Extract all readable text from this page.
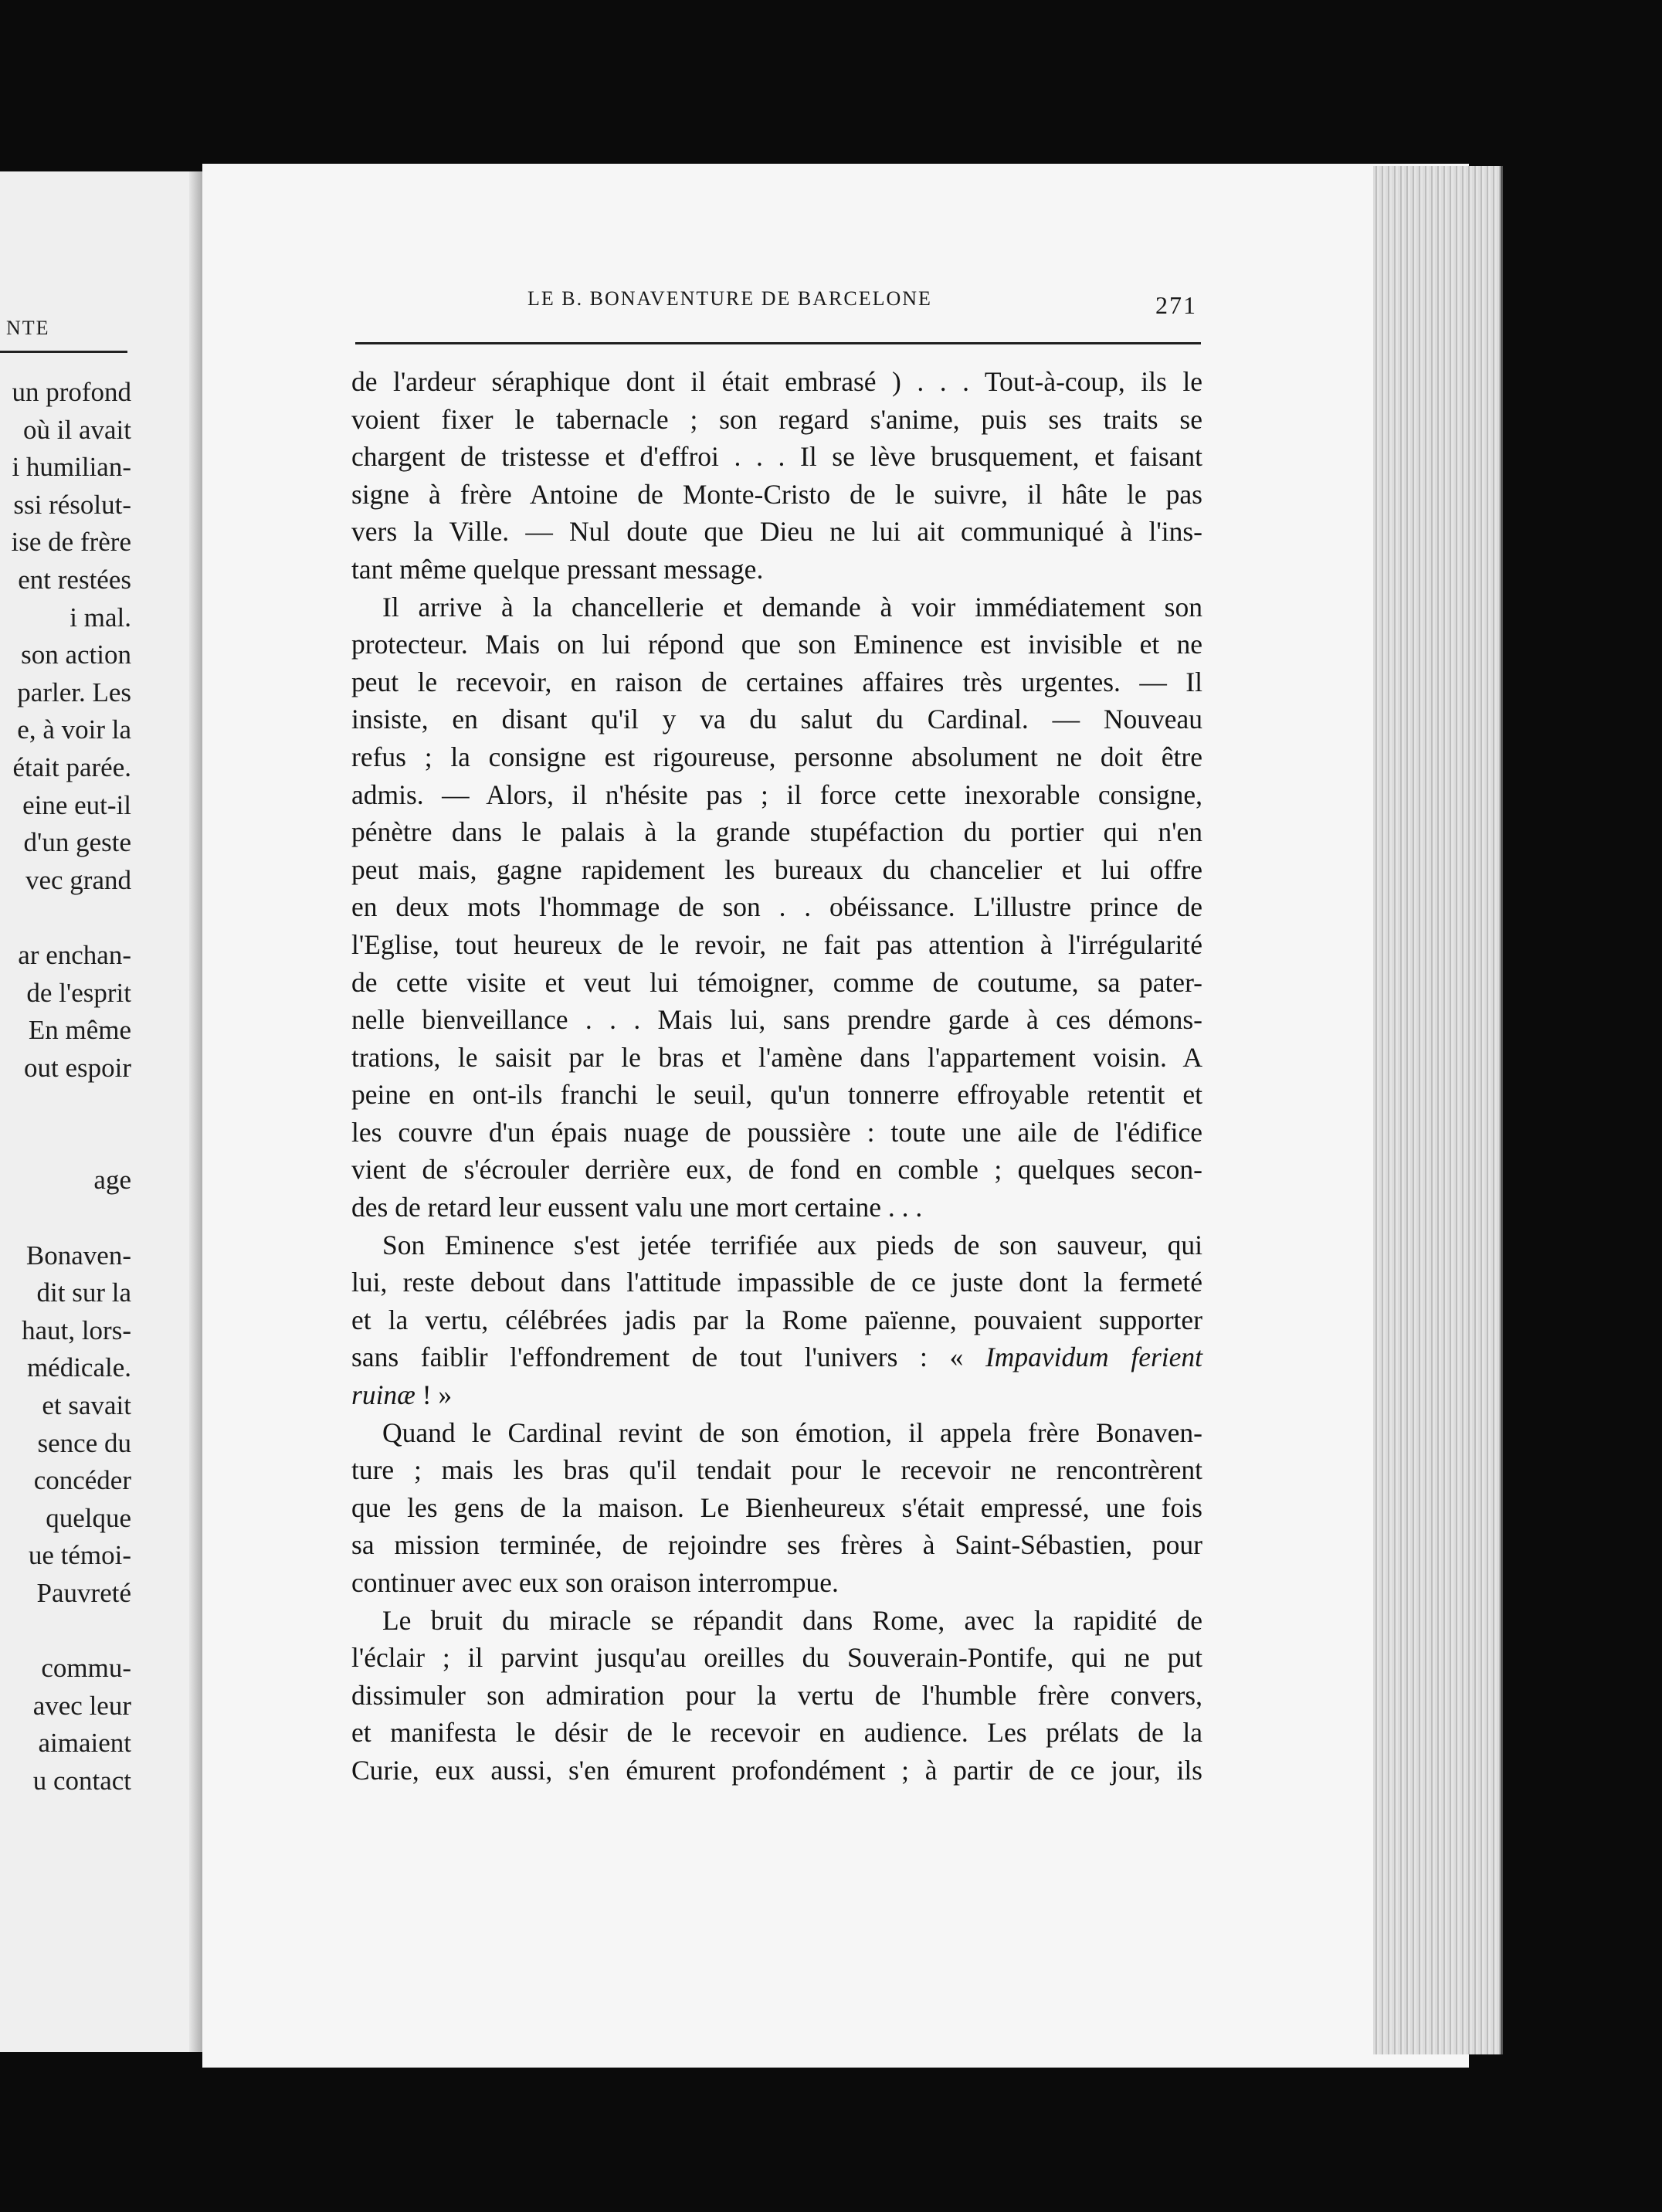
NTE
un profond
où il avait
i humilian-
ssi résolut-
ise de frère
ent restées
i mal.
son action
parler. Les
e, à voir la
était parée.
eine eut-il
d'un geste
vec grand
ar enchan-
de l'esprit
En même
out espoir
age
Bonaven-
dit sur la
haut, lors-
médicale.
et savait
sence du
concéder
quelque
ue témoi-
Pauvreté
commu-
avec leur
aimaient
u contact
LE B. BONAVENTURE DE BARCELONE	271
de l'ardeur séraphique dont il était embrasé ) . . . Tout-à-coup, ils le
voient fixer le tabernacle ; son regard s'anime, puis ses traits se
chargent de tristesse et d'effroi . . . Il se lève brusquement, et faisant
signe à frère Antoine de Monte-Cristo de le suivre, il hâte le pas
vers la Ville. — Nul doute que Dieu ne lui ait communiqué à l'ins-
tant même quelque pressant message.
Il arrive à la chancellerie et demande à voir immédiatement son
protecteur. Mais on lui répond que son Eminence est invisible et ne
peut le recevoir, en raison de certaines affaires très urgentes. — Il
insiste, en disant qu'il y va du salut du Cardinal. — Nouveau
refus ; la consigne est rigoureuse, personne absolument ne doit être
admis. — Alors, il n'hésite pas ; il force cette inexorable consigne,
pénètre dans le palais à la grande stupéfaction du portier qui n'en
peut mais, gagne rapidement les bureaux du chancelier et lui offre
en deux mots l'hommage de son . . obéissance. L'illustre prince de
l'Eglise, tout heureux de le revoir, ne fait pas attention à l'irrégularité
de cette visite et veut lui témoigner, comme de coutume, sa pater-
nelle bienveillance . . . Mais lui, sans prendre garde à ces démons-
trations, le saisit par le bras et l'amène dans l'appartement voisin. A
peine en ont-ils franchi le seuil, qu'un tonnerre effroyable retentit et
les couvre d'un épais nuage de poussière : toute une aile de l'édifice
vient de s'écrouler derrière eux, de fond en comble ; quelques secon-
des de retard leur eussent valu une mort certaine . . .
Son Eminence s'est jetée terrifiée aux pieds de son sauveur, qui
lui, reste debout dans l'attitude impassible de ce juste dont la fermeté
et la vertu, célébrées jadis par la Rome païenne, pouvaient supporter
sans faiblir l'effondrement de tout l'univers : « Impavidum ferient
ruinæ ! »
Quand le Cardinal revint de son émotion, il appela frère Bonaven-
ture ; mais les bras qu'il tendait pour le recevoir ne rencontrèrent
que les gens de la maison. Le Bienheureux s'était empressé, une fois
sa mission terminée, de rejoindre ses frères à Saint-Sébastien, pour
continuer avec eux son oraison interrompue.
Le bruit du miracle se répandit dans Rome, avec la rapidité de
l'éclair ; il parvint jusqu'au oreilles du Souverain-Pontife, qui ne put
dissimuler son admiration pour la vertu de l'humble frère convers,
et manifesta le désir de le recevoir en audience. Les prélats de la
Curie, eux aussi, s'en émurent profondément ; à partir de ce jour, ils
